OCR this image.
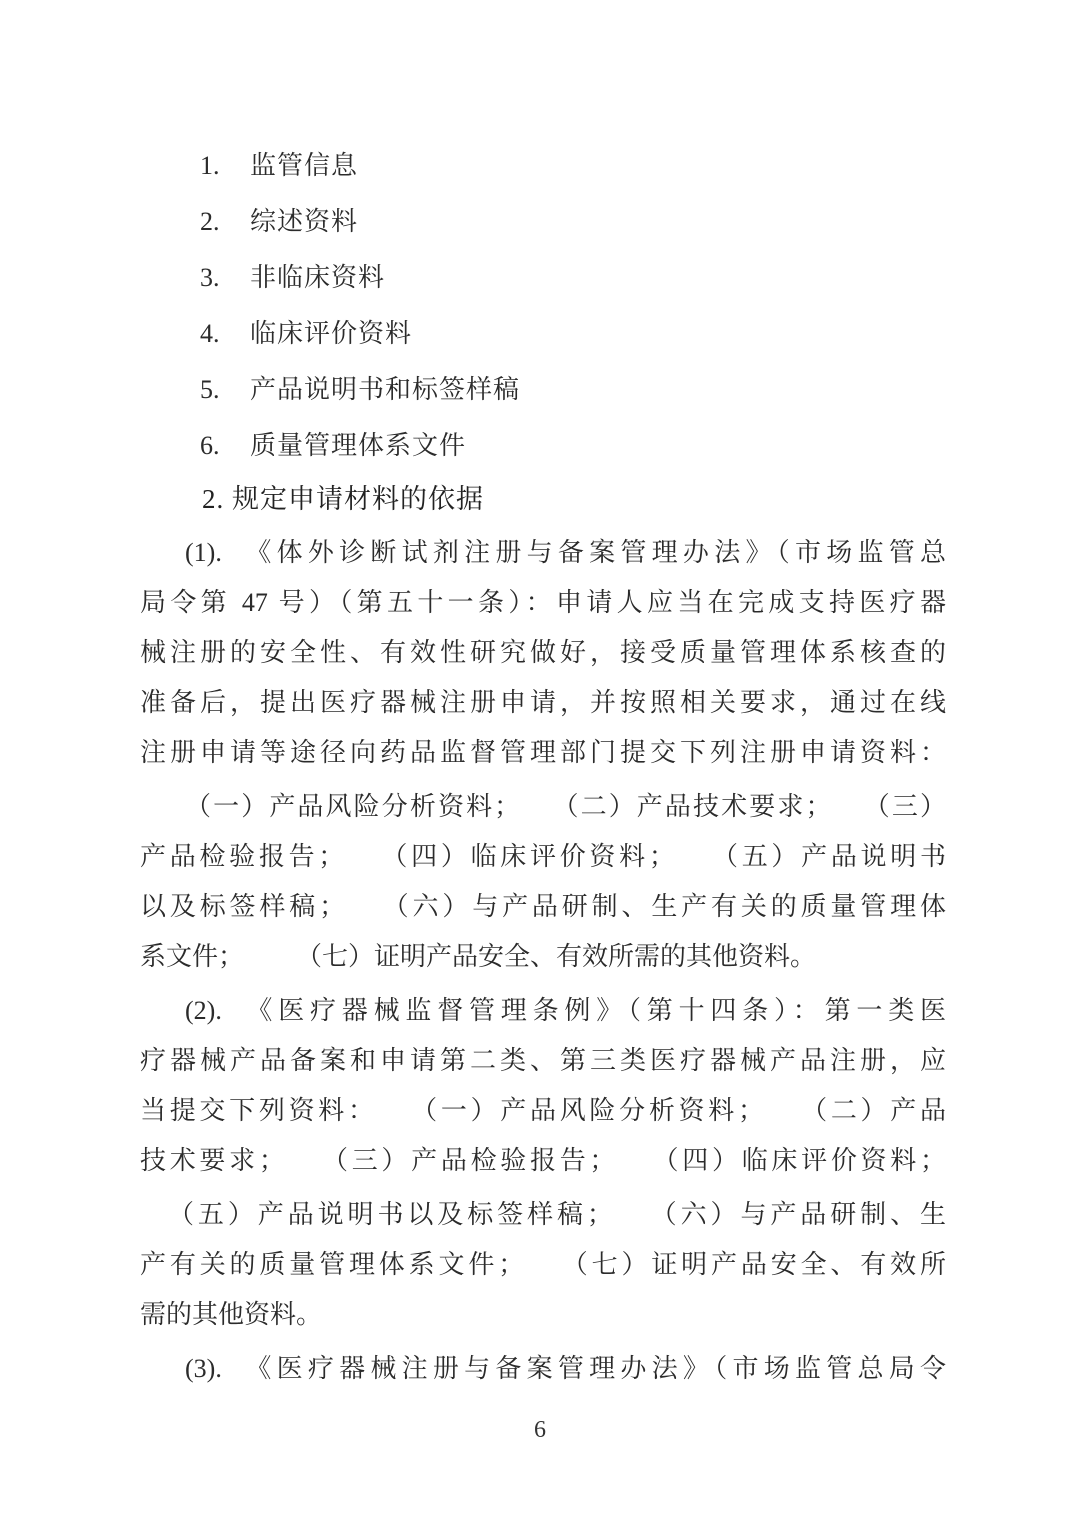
1. 监管信息
2. 综述资料
3. 非临床资料
4. 临床评价资料
5. 产品说明书和标签样稿
6. 质量管理体系文件
2. 规定申请材料的依据
(1).　《体外诊断试剂注册与备案管理办法》（市场监管总
局令第 47 号）（第五十一条）：申请人应当在完成支持医疗器
械注册的安全性、有效性研究做好，接受质量管理体系核查的
准备后，提出医疗器械注册申请，并按照相关要求，通过在线
注册申请等途径向药品监督管理部门提交下列注册申请资料：
（一）产品风险分析资料；　　（二）产品技术要求；　　（三）
产品检验报告；　　（四）临床评价资料；　　（五）产品说明书
以及标签样稿；　　（六）与产品研制、生产有关的质量管理体
系文件；　　　（七）证明产品安全、有效所需的其他资料。
(2).　《医疗器械监督管理条例》（第十四条）：第一类医
疗器械产品备案和申请第二类、第三类医疗器械产品注册，应
当提交下列资料：　　（一）产品风险分析资料；　　（二）产品
技术要求；　　（三）产品检验报告；　　（四）临床评价资料；
（五）产品说明书以及标签样稿；　　（六）与产品研制、生
产有关的质量管理体系文件；　　（七）证明产品安全、有效所
需的其他资料。
(3).　《医疗器械注册与备案管理办法》（市场监管总局令
6
